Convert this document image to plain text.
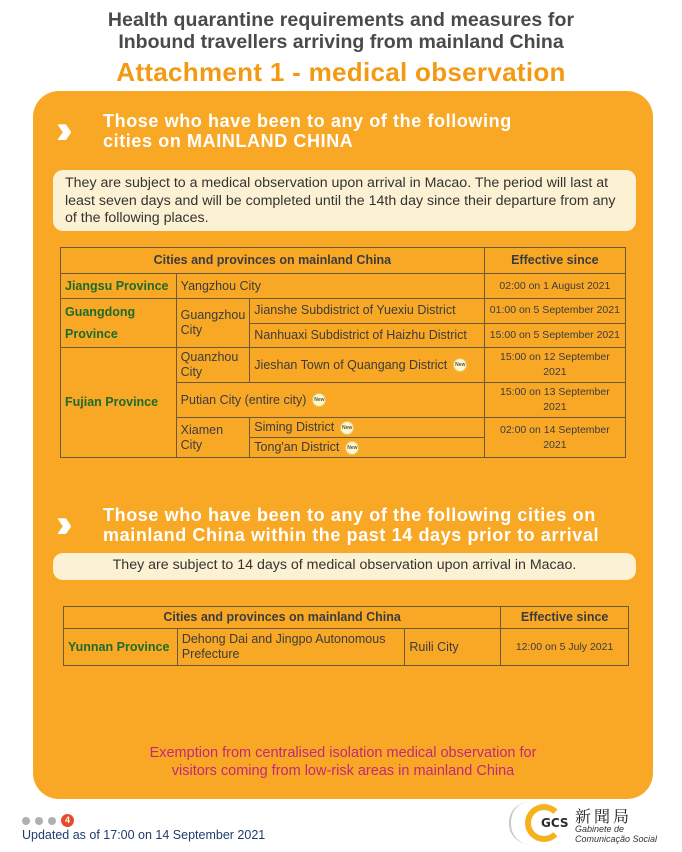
Health quarantine requirements and measures for
Inbound travellers arriving from mainland China
Attachment 1 - medical observation
›› Those who have been to any of the following
cities on MAINLAND CHINA
They are subject to a medical observation upon arrival in Macao. The period will last at least seven days and will be completed until the 14th day since their departure from any of the following places.
Cities and provinces on mainland China			Effective since
Jiangsu Province	Yangzhou City		02:00 on 1 August 2021
Guangdong Province	Guangzhou City	Jianshe Subdistrict of Yuexiu District	01:00 on 5 September 2021
		Nanhuaxi Subdistrict of Haizhu District	15:00 on 5 September 2021
Fujian Province	Quanzhou City	Jieshan Town of Quangang District New	15:00 on 12 September 2021
	Putian City (entire city) New		15:00 on 13 September 2021
	Xiamen City	Siming District New	02:00 on 14 September 2021
		Tong'an District New	
›› Those who have been to any of the following cities on
mainland China within the past 14 days prior to arrival
They are subject to 14 days of medical observation upon arrival in Macao.
Cities and provinces on mainland China			Effective since
Yunnan Province	Dehong Dai and Jingpo Autonomous Prefecture	Ruili City	12:00 on 5 July 2021
Exemption from centralised isolation medical observation for
visitors coming from low-risk areas in mainland China
4
Updated as of 17:00 on 14 September 2021
GCS 新聞局
Gabinete de
Comunicação Social
